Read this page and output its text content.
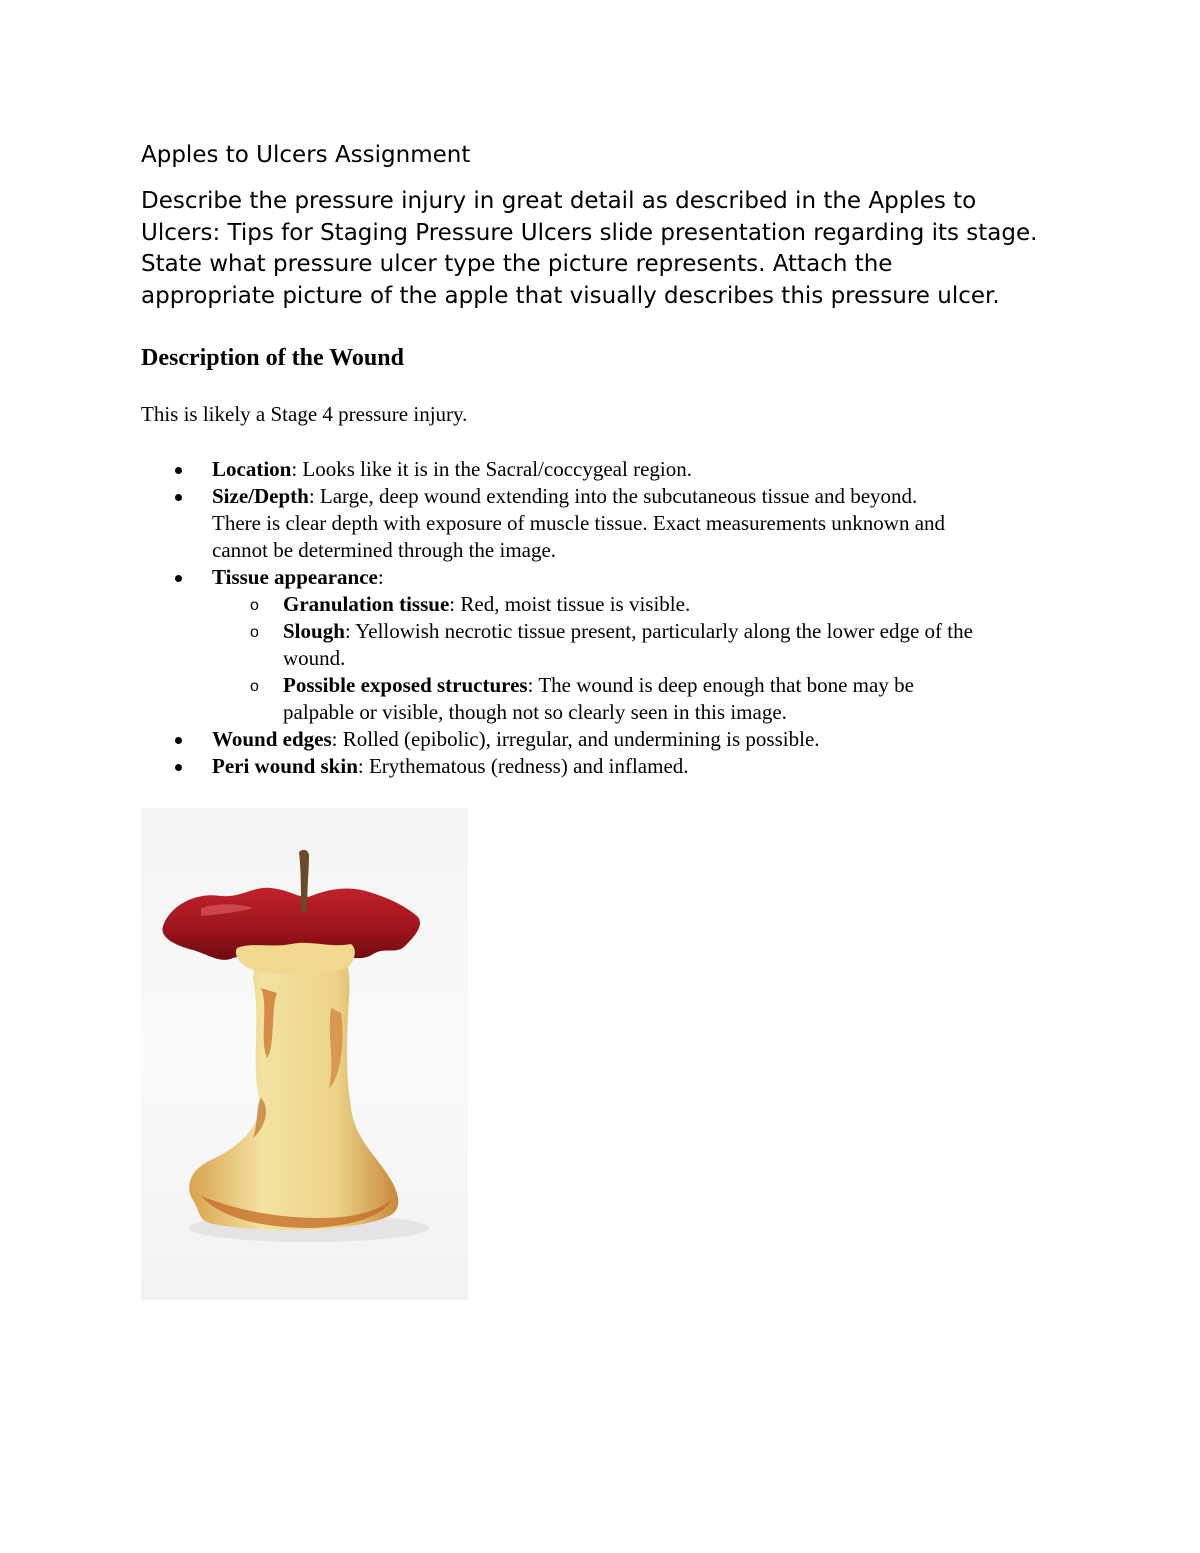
Apples to Ulcers Assignment

Describe the pressure injury in great detail as described in the Apples to
Ulcers: Tips for Staging Pressure Ulcers slide presentation regarding its stage.
State what pressure ulcer type the picture represents. Attach the
appropriate picture of the apple that visually describes this pressure ulcer.

Description of the Wound

This is likely a Stage 4 pressure injury.

Location: Looks like it is in the Sacral/coccygeal region.
Size/Depth: Large, deep wound extending into the subcutaneous tissue and beyond.
There is clear depth with exposure of muscle tissue. Exact measurements unknown and
cannot be determined through the image.
Tissue appearance:
o Granulation tissue: Red, moist tissue is visible.
o Slough: Yellowish necrotic tissue present, particularly along the lower edge of the
wound.
o Possible exposed structures: The wound is deep enough that bone may be
palpable or visible, though not so clearly seen in this image.
Wound edges: Rolled (epibolic), irregular, and undermining is possible.
Peri wound skin: Erythematous (redness) and inflamed.
